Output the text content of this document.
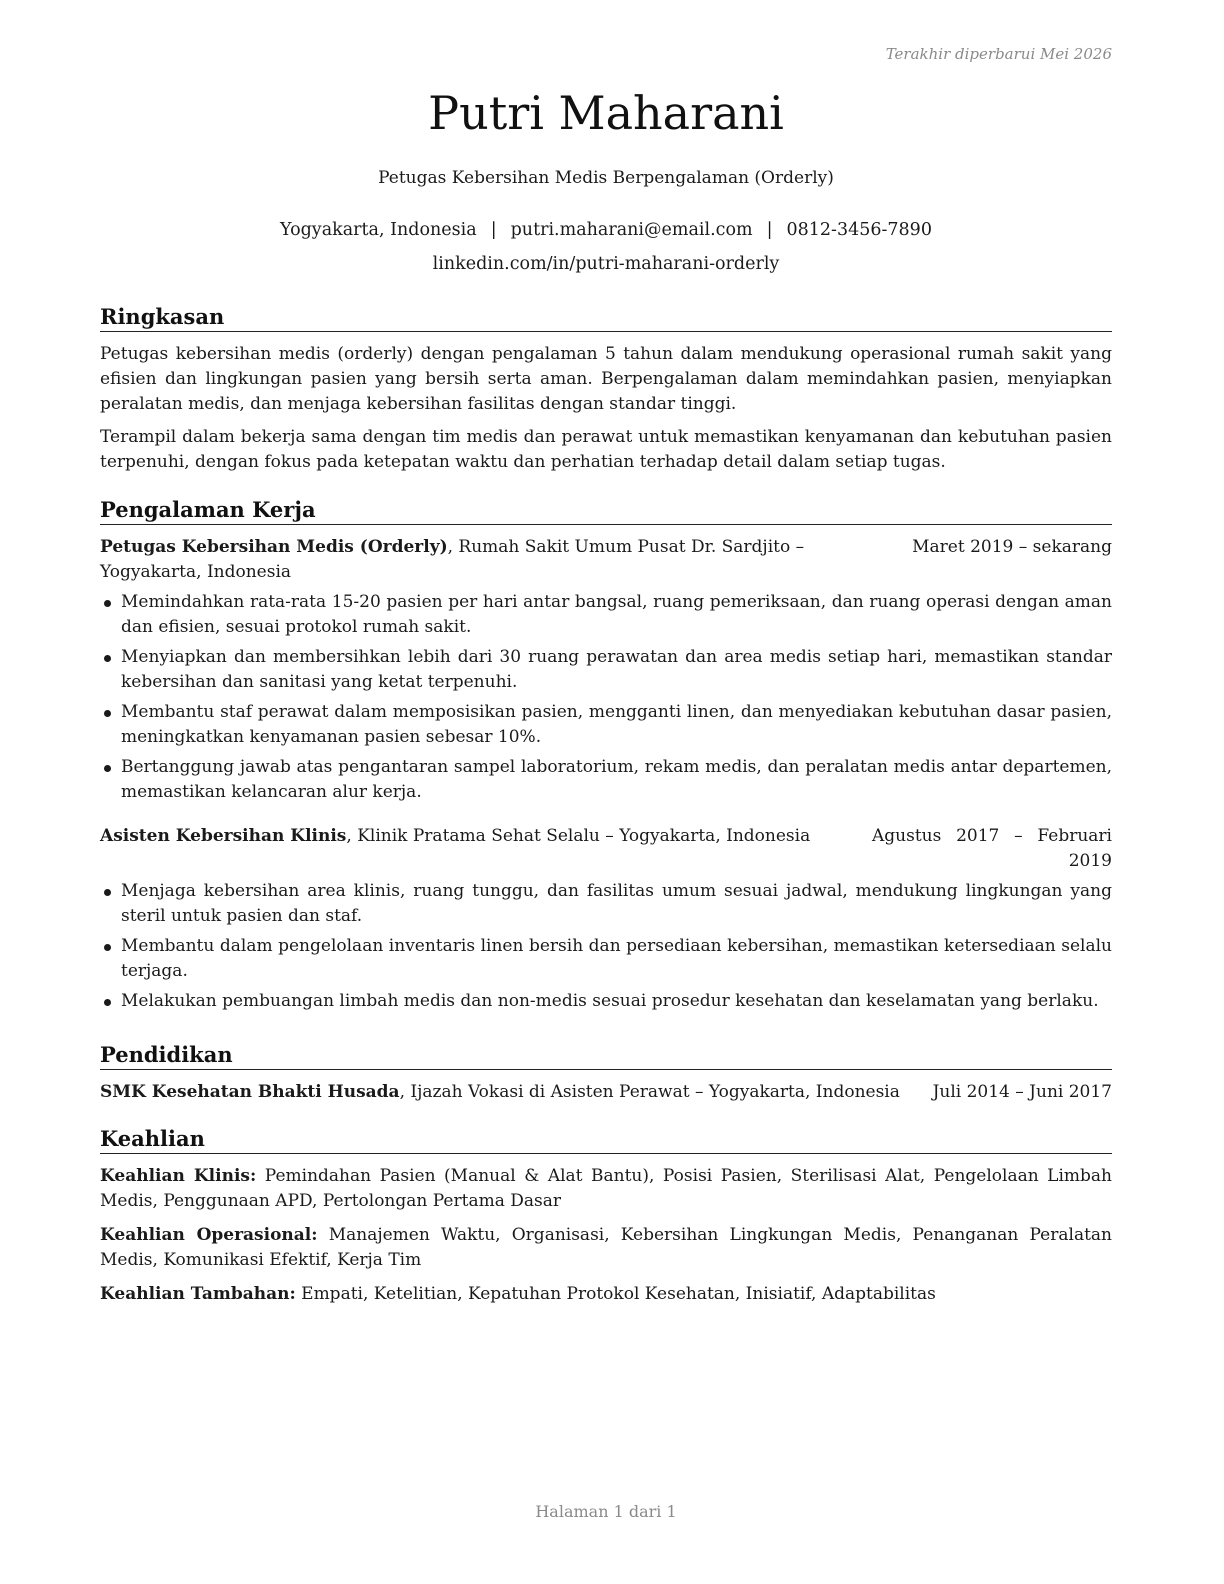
Terakhir diperbarui Mei 2026
Putri Maharani
Petugas Kebersihan Medis Berpengalaman (Orderly)
Yogyakarta, Indonesia | putri.maharani@email.com | 0812-3456-7890
linkedin.com/in/putri-maharani-orderly
Ringkasan

Petugas kebersihan medis (orderly) dengan pengalaman 5 tahun dalam mendukung operasional rumah sakit yang efisien dan lingkungan pasien yang bersih serta aman. Berpengalaman dalam memindahkan pasien, menyiapkan peralatan medis, dan menjaga kebersihan fasilitas dengan standar tinggi.

Terampil dalam bekerja sama dengan tim medis dan perawat untuk memastikan kenyamanan dan kebutuhan pasien terpenuhi, dengan fokus pada ketepatan waktu dan perhatian terhadap detail dalam setiap tugas.

Pengalaman Kerja
Petugas Kebersihan Medis (Orderly), Rumah Sakit Umum Pusat Dr. Sardjito – Yogyakarta, Indonesia
Maret 2019 – sekarang
Memindahkan rata-rata 15-20 pasien per hari antar bangsal, ruang pemeriksaan, dan ruang operasi dengan aman dan efisien, sesuai protokol rumah sakit.
Menyiapkan dan membersihkan lebih dari 30 ruang perawatan dan area medis setiap hari, memastikan standar kebersihan dan sanitasi yang ketat terpenuhi.
Membantu staf perawat dalam memposisikan pasien, mengganti linen, dan menyediakan kebutuhan dasar pasien, meningkatkan kenyamanan pasien sebesar 10%.
Bertanggung jawab atas pengantaran sampel laboratorium, rekam medis, dan peralatan medis antar departemen, memastikan kelancaran alur kerja.
Asisten Kebersihan Klinis, Klinik Pratama Sehat Selalu – Yogyakarta, Indonesia	Agustus 2017 – Februari 2019
Menjaga kebersihan area klinis, ruang tunggu, dan fasilitas umum sesuai jadwal, mendukung lingkungan yang steril untuk pasien dan staf.
Membantu dalam pengelolaan inventaris linen bersih dan persediaan kebersihan, memastikan ketersediaan selalu terjaga.
Melakukan pembuangan limbah medis dan non-medis sesuai prosedur kesehatan dan keselamatan yang berlaku.
Pendidikan
SMK Kesehatan Bhakti Husada, Ijazah Vokasi di Asisten Perawat – Yogyakarta, Indonesia	Juli 2014 – Juni 2017
Keahlian
Keahlian Klinis: Pemindahan Pasien (Manual & Alat Bantu), Posisi Pasien, Sterilisasi Alat, Pengelolaan Limbah Medis, Penggunaan APD, Pertolongan Pertama Dasar
Keahlian Operasional: Manajemen Waktu, Organisasi, Kebersihan Lingkungan Medis, Penanganan Peralatan Medis, Komunikasi Efektif, Kerja Tim
Keahlian Tambahan: Empati, Ketelitian, Kepatuhan Protokol Kesehatan, Inisiatif, Adaptabilitas
Halaman 1 dari 1
